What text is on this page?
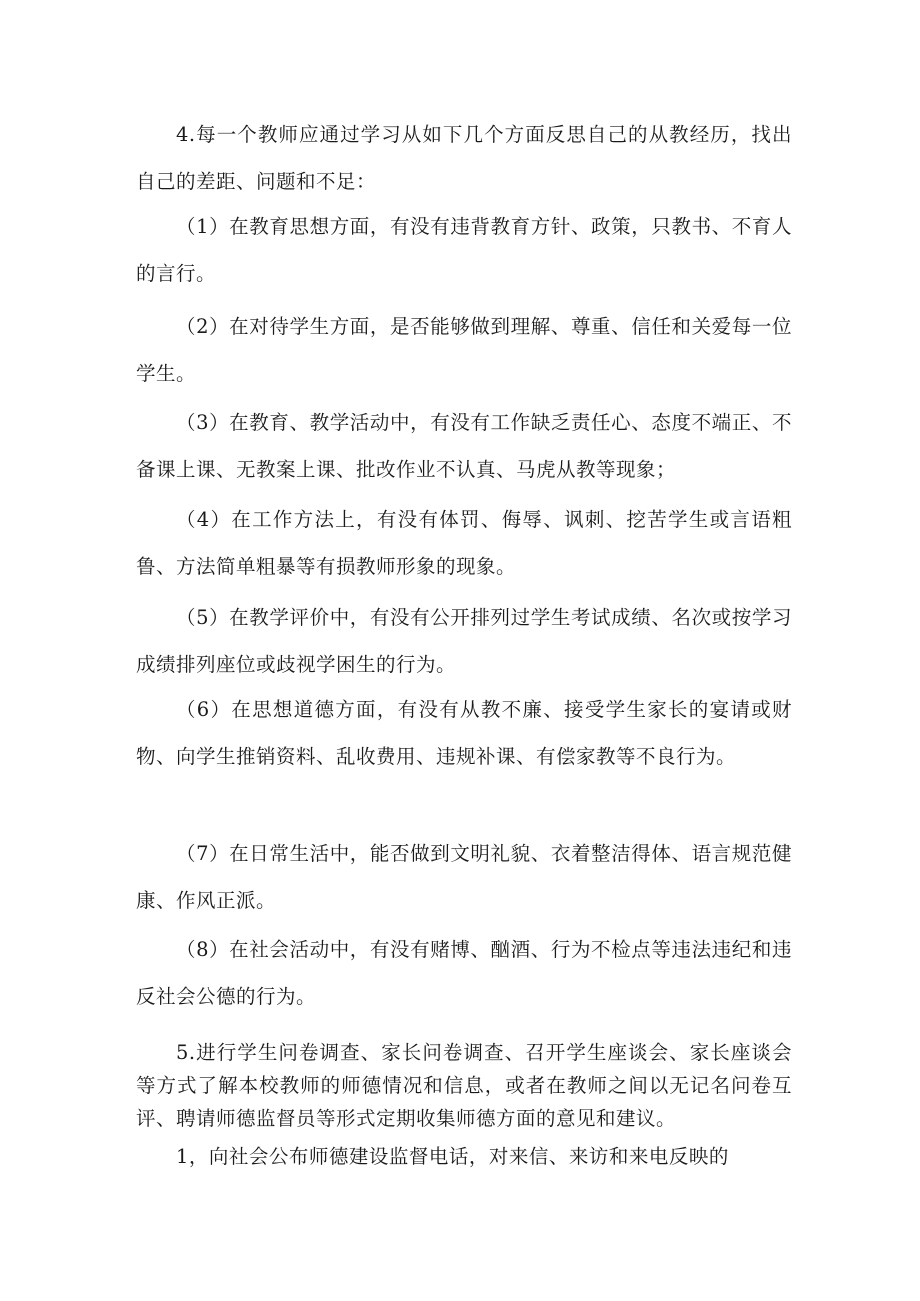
4.每一个教师应通过学习从如下几个方面反思自己的从教经历，找出自己的差距、问题和不足：

（1）在教育思想方面，有没有违背教育方针、政策，只教书、不育人的言行。

（2）在对待学生方面，是否能够做到理解、尊重、信任和关爱每一位学生。

（3）在教育、教学活动中，有没有工作缺乏责任心、态度不端正、不备课上课、无教案上课、批改作业不认真、马虎从教等现象；

（4）在工作方法上，有没有体罚、侮辱、讽刺、挖苦学生或言语粗鲁、方法简单粗暴等有损教师形象的现象。

（5）在教学评价中，有没有公开排列过学生考试成绩、名次或按学习成绩排列座位或歧视学困生的行为。

（6）在思想道德方面，有没有从教不廉、接受学生家长的宴请或财物、向学生推销资料、乱收费用、违规补课、有偿家教等不良行为。

（7）在日常生活中，能否做到文明礼貌、衣着整洁得体、语言规范健康、作风正派。

（8）在社会活动中，有没有赌博、酗酒、行为不检点等违法违纪和违反社会公德的行为。

5.进行学生问卷调查、家长问卷调查、召开学生座谈会、家长座谈会等方式了解本校教师的师德情况和信息，或者在教师之间以无记名问卷互评、聘请师德监督员等形式定期收集师德方面的意见和建议。

1，向社会公布师德建设监督电话，对来信、来访和来电反映的
